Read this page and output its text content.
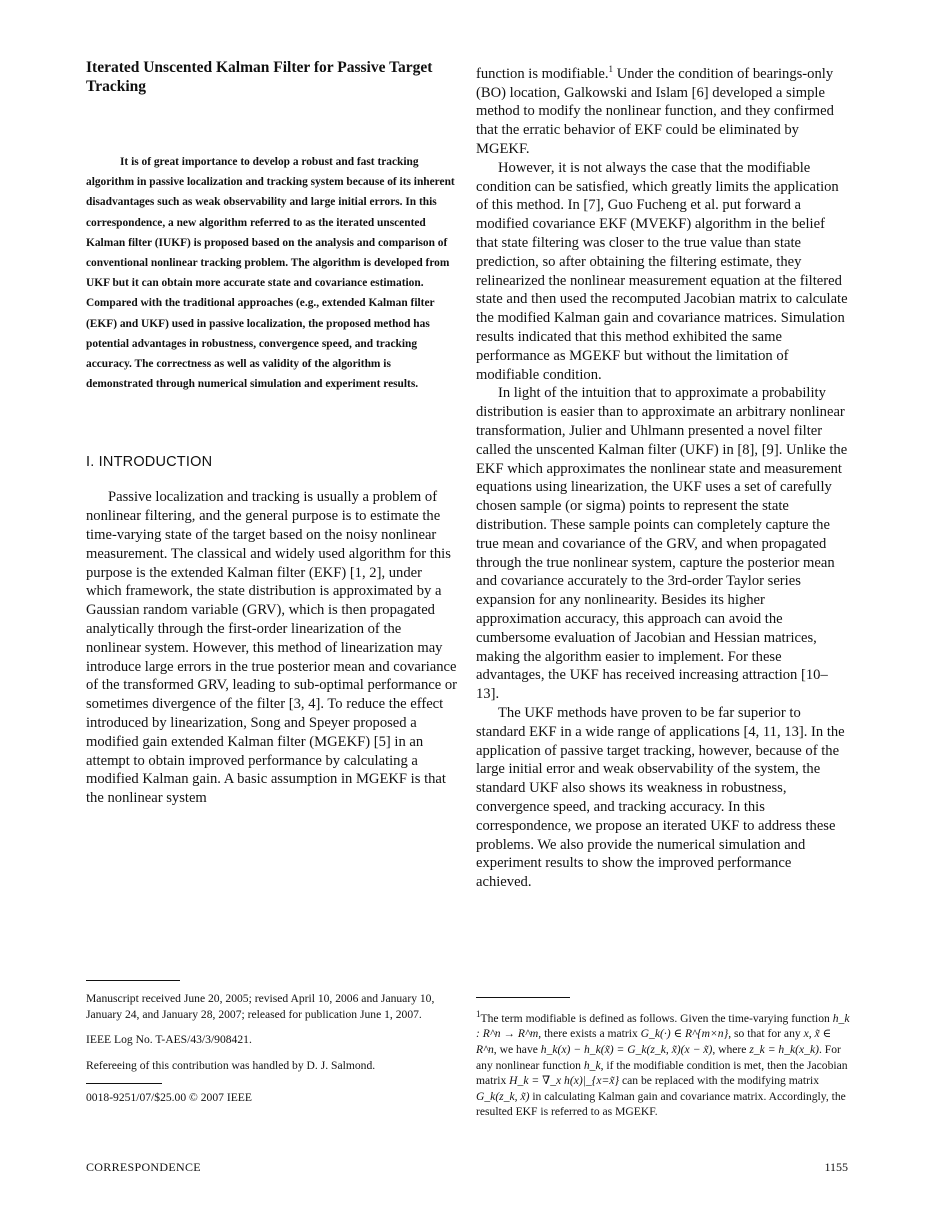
Iterated Unscented Kalman Filter for Passive Target Tracking

It is of great importance to develop a robust and fast tracking algorithm in passive localization and tracking system because of its inherent disadvantages such as weak observability and large initial errors. In this correspondence, a new algorithm referred to as the iterated unscented Kalman filter (IUKF) is proposed based on the analysis and comparison of conventional nonlinear tracking problem. The algorithm is developed from UKF but it can obtain more accurate state and covariance estimation. Compared with the traditional approaches (e.g., extended Kalman filter (EKF) and UKF) used in passive localization, the proposed method has potential advantages in robustness, convergence speed, and tracking accuracy. The correctness as well as validity of the algorithm is demonstrated through numerical simulation and experiment results.

I. INTRODUCTION

Passive localization and tracking is usually a problem of nonlinear filtering, and the general purpose is to estimate the time-varying state of the target based on the noisy nonlinear measurement. The classical and widely used algorithm for this purpose is the extended Kalman filter (EKF) [1, 2], under which framework, the state distribution is approximated by a Gaussian random variable (GRV), which is then propagated analytically through the first-order linearization of the nonlinear system. However, this method of linearization may introduce large errors in the true posterior mean and covariance of the transformed GRV, leading to sub-optimal performance or sometimes divergence of the filter [3, 4]. To reduce the effect introduced by linearization, Song and Speyer proposed a modified gain extended Kalman filter (MGEKF) [5] in an attempt to obtain improved performance by calculating a modified Kalman gain. A basic assumption in MGEKF is that the nonlinear system

function is modifiable.$^1$ Under the condition of bearings-only (BO) location, Galkowski and Islam [6] developed a simple method to modify the nonlinear function, and they confirmed that the erratic behavior of EKF could be eliminated by MGEKF.

However, it is not always the case that the modifiable condition can be satisfied, which greatly limits the application of this method. In [7], Guo Fucheng et al. put forward a modified covariance EKF (MVEKF) algorithm in the belief that state filtering was closer to the true value than state prediction, so after obtaining the filtering estimate, they relinearized the nonlinear measurement equation at the filtered state and then used the recomputed Jacobian matrix to calculate the modified Kalman gain and covariance matrices. Simulation results indicated that this method exhibited the same performance as MGEKF but without the limitation of modifiable condition.

In light of the intuition that to approximate a probability distribution is easier than to approximate an arbitrary nonlinear transformation, Julier and Uhlmann presented a novel filter called the unscented Kalman filter (UKF) in [8], [9]. Unlike the EKF which approximates the nonlinear state and measurement equations using linearization, the UKF uses a set of carefully chosen sample (or sigma) points to represent the state distribution. These sample points can completely capture the true mean and covariance of the GRV, and when propagated through the true nonlinear system, capture the posterior mean and covariance accurately to the 3rd-order Taylor series expansion for any nonlinearity. Besides its higher approximation accuracy, this approach can avoid the cumbersome evaluation of Jacobian and Hessian matrices, making the algorithm easier to implement. For these advantages, the UKF has received increasing attraction [10–13].

The UKF methods have proven to be far superior to standard EKF in a wide range of applications [4, 11, 13]. In the application of passive target tracking, however, because of the large initial error and weak observability of the system, the standard UKF also shows its weakness in robustness, convergence speed, and tracking accuracy. In this correspondence, we propose an iterated UKF to address these problems. We also provide the numerical simulation and experiment results to show the improved performance achieved.

Manuscript received June 20, 2005; revised April 10, 2006 and January 10, January 24, and January 28, 2007; released for publication June 1, 2007.

IEEE Log No. T-AES/43/3/908421.

Refereeing of this contribution was handled by D. J. Salmond.

0018-9251/07/$25.00 © 2007 IEEE

$^1$The term modifiable is defined as follows. Given the time-varying function h_k : R^n → R^m, there exists a matrix G_k(·) ∈ R^{m×n}, so that for any x, x̃ ∈ R^n, we have h_k(x) − h_k(x̃) = G_k(z_k, x̃)(x − x̃), where z_k = h_k(x_k). For any nonlinear function h_k, if the modifiable condition is met, then the Jacobian matrix H_k = ∇_x h(x)|_{x=x̃} can be replaced with the modifying matrix G_k(z_k, x̃) in calculating Kalman gain and covariance matrix. Accordingly, the resulted EKF is referred to as MGEKF.

CORRESPONDENCE	1155
